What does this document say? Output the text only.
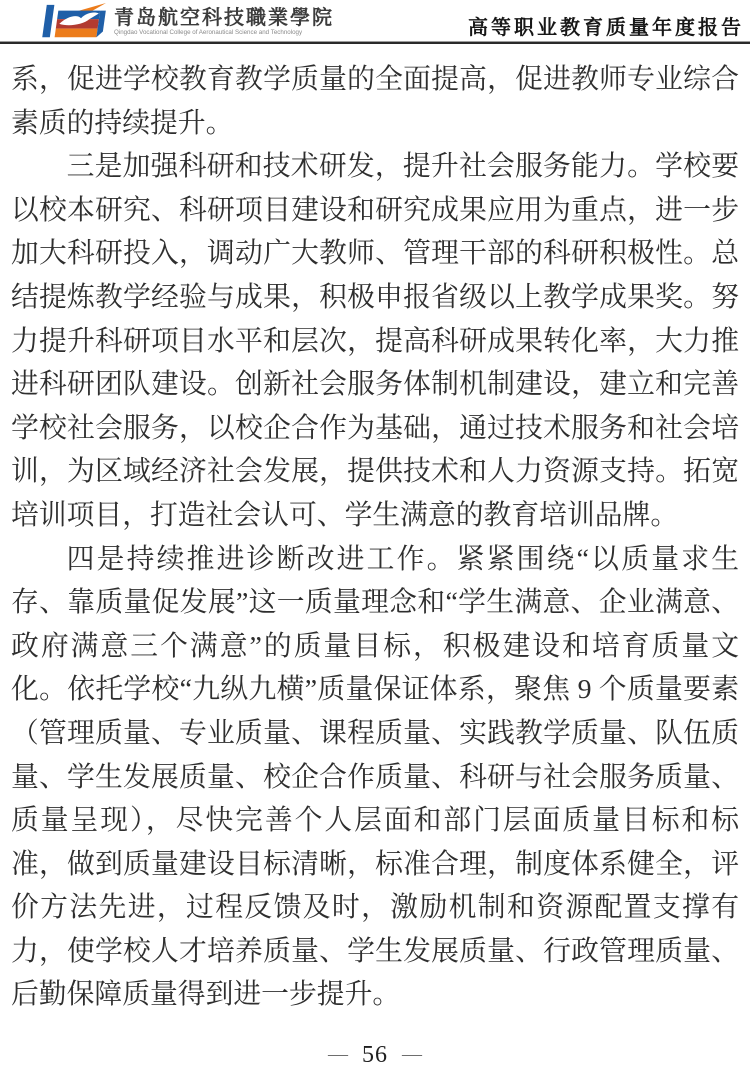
青岛航空科技職業學院
Qingdao Vocational College of Aeronautical Science and Technology	高等职业教育质量年度报告

系，促进学校教育教学质量的全面提高，促进教师专业综合素质的持续提升。

三是加强科研和技术研发，提升社会服务能力。学校要以校本研究、科研项目建设和研究成果应用为重点，进一步加大科研投入，调动广大教师、管理干部的科研积极性。总结提炼教学经验与成果，积极申报省级以上教学成果奖。努力提升科研项目水平和层次，提高科研成果转化率，大力推进科研团队建设。创新社会服务体制机制建设，建立和完善学校社会服务，以校企合作为基础，通过技术服务和社会培训，为区域经济社会发展，提供技术和人力资源支持。拓宽培训项目，打造社会认可、学生满意的教育培训品牌。

四是持续推进诊断改进工作。紧紧围绕“以质量求生存、靠质量促发展”这一质量理念和“学生满意、企业满意、政府满意三个满意”的质量目标，积极建设和培育质量文化。依托学校“九纵九横”质量保证体系，聚焦 9 个质量要素（管理质量、专业质量、课程质量、实践教学质量、队伍质量、学生发展质量、校企合作质量、科研与社会服务质量、质量呈现），尽快完善个人层面和部门层面质量目标和标准，做到质量建设目标清晰，标准合理，制度体系健全，评价方法先进，过程反馈及时，激励机制和资源配置支撑有力，使学校人才培养质量、学生发展质量、行政管理质量、后勤保障质量得到进一步提升。

— 56 —
